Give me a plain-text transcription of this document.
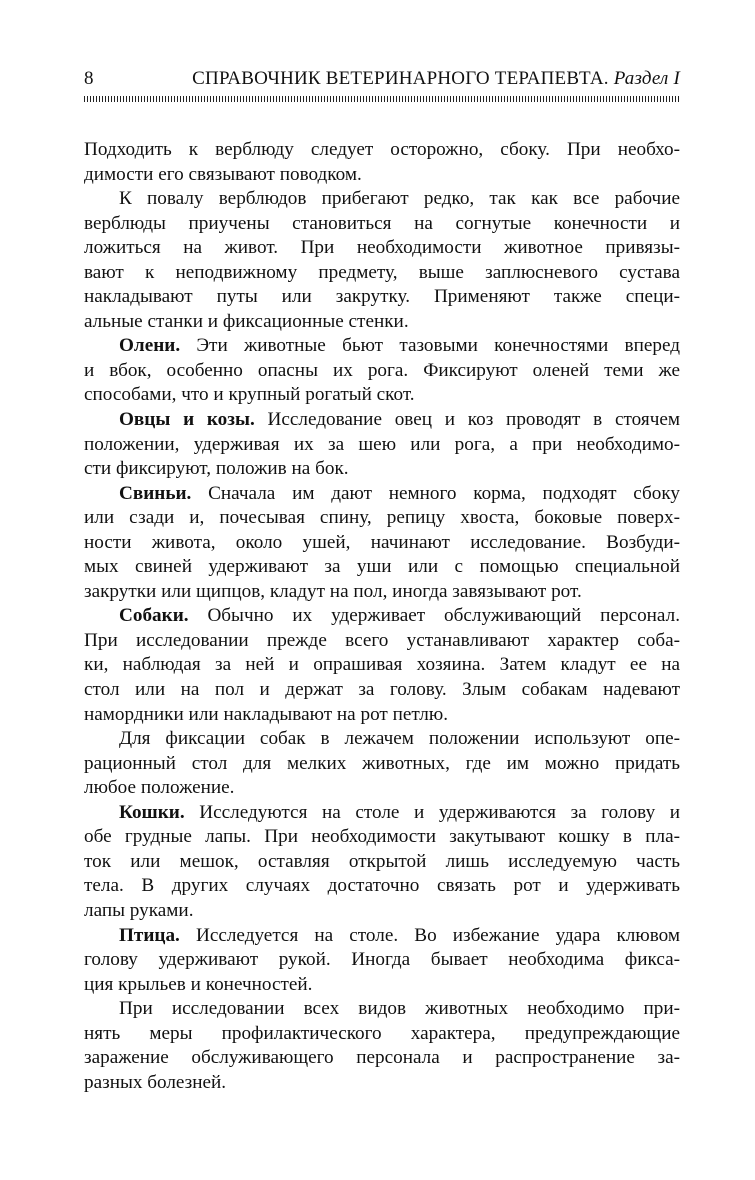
8	СПРАВОЧНИК ВЕТЕРИНАРНОГО ТЕРАПЕВТА. Раздел I
Подходить к верблюду следует осторожно, сбоку. При необхо-
димости его связывают поводком.
К повалу верблюдов прибегают редко, так как все рабочие
верблюды приучены становиться на согнутые конечности и
ложиться на живот. При необходимости животное привязы-
вают к неподвижному предмету, выше заплюсневого сустава
накладывают путы или закрутку. Применяют также специ-
альные станки и фиксационные стенки.
Олени. Эти животные бьют тазовыми конечностями вперед
и вбок, особенно опасны их рога. Фиксируют оленей теми же
способами, что и крупный рогатый скот.
Овцы и козы. Исследование овец и коз проводят в стоячем
положении, удерживая их за шею или рога, а при необходимо-
сти фиксируют, положив на бок.
Свиньи. Сначала им дают немного корма, подходят сбоку
или сзади и, почесывая спину, репицу хвоста, боковые поверх-
ности живота, около ушей, начинают исследование. Возбуди-
мых свиней удерживают за уши или с помощью специальной
закрутки или щипцов, кладут на пол, иногда завязывают рот.
Собаки. Обычно их удерживает обслуживающий персонал.
При исследовании прежде всего устанавливают характер соба-
ки, наблюдая за ней и опрашивая хозяина. Затем кладут ее на
стол или на пол и держат за голову. Злым собакам надевают
намордники или накладывают на рот петлю.
Для фиксации собак в лежачем положении используют опе-
рационный стол для мелких животных, где им можно придать
любое положение.
Кошки. Исследуются на столе и удерживаются за голову и
обе грудные лапы. При необходимости закутывают кошку в пла-
ток или мешок, оставляя открытой лишь исследуемую часть
тела. В других случаях достаточно связать рот и удерживать
лапы руками.
Птица. Исследуется на столе. Во избежание удара клювом
голову удерживают рукой. Иногда бывает необходима фикса-
ция крыльев и конечностей.
При исследовании всех видов животных необходимо при-
нять меры профилактического характера, предупреждающие
заражение обслуживающего персонала и распространение за-
разных болезней.
